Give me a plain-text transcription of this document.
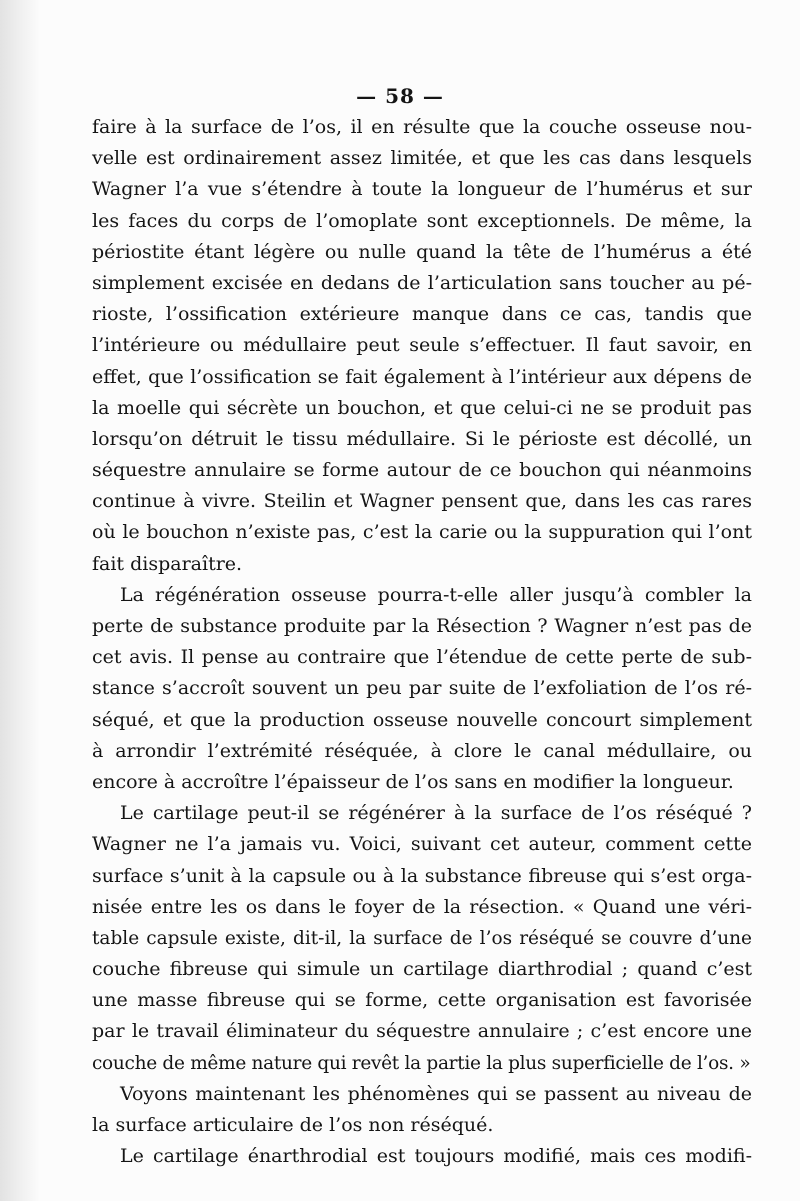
— 58 —
faire à la surface de l’os, il en résulte que la couche osseuse nou-
velle est ordinairement assez limitée, et que les cas dans lesquels
Wagner l’a vue s’étendre à toute la longueur de l’humérus et sur
les faces du corps de l’omoplate sont exceptionnels. De même, la
périostite étant légère ou nulle quand la tête de l’humérus a été
simplement excisée en dedans de l’articulation sans toucher au pé-
rioste, l’ossification extérieure manque dans ce cas, tandis que
l’intérieure ou médullaire peut seule s’effectuer. Il faut savoir, en
effet, que l’ossification se fait également à l’intérieur aux dépens de
la moelle qui sécrète un bouchon, et que celui-ci ne se produit pas
lorsqu’on détruit le tissu médullaire. Si le périoste est décollé, un
séquestre annulaire se forme autour de ce bouchon qui néanmoins
continue à vivre. Steilin et Wagner pensent que, dans les cas rares
où le bouchon n’existe pas, c’est la carie ou la suppuration qui l’ont
fait disparaître.
La régénération osseuse pourra-t-elle aller jusqu’à combler la
perte de substance produite par la Résection ? Wagner n’est pas de
cet avis. Il pense au contraire que l’étendue de cette perte de sub-
stance s’accroît souvent un peu par suite de l’exfoliation de l’os ré-
séqué, et que la production osseuse nouvelle concourt simplement
à arrondir l’extrémité réséquée, à clore le canal médullaire, ou
encore à accroître l’épaisseur de l’os sans en modifier la longueur.
Le cartilage peut-il se régénérer à la surface de l’os réséqué ?
Wagner ne l’a jamais vu. Voici, suivant cet auteur, comment cette
surface s’unit à la capsule ou à la substance fibreuse qui s’est orga-
nisée entre les os dans le foyer de la résection. « Quand une véri-
table capsule existe, dit-il, la surface de l’os réséqué se couvre d’une
couche fibreuse qui simule un cartilage diarthrodial ; quand c’est
une masse fibreuse qui se forme, cette organisation est favorisée
par le travail éliminateur du séquestre annulaire ; c’est encore une
couche de même nature qui revêt la partie la plus superficielle de l’os. »
Voyons maintenant les phénomènes qui se passent au niveau de
la surface articulaire de l’os non réséqué.
Le cartilage énarthrodial est toujours modifié, mais ces modifi-
